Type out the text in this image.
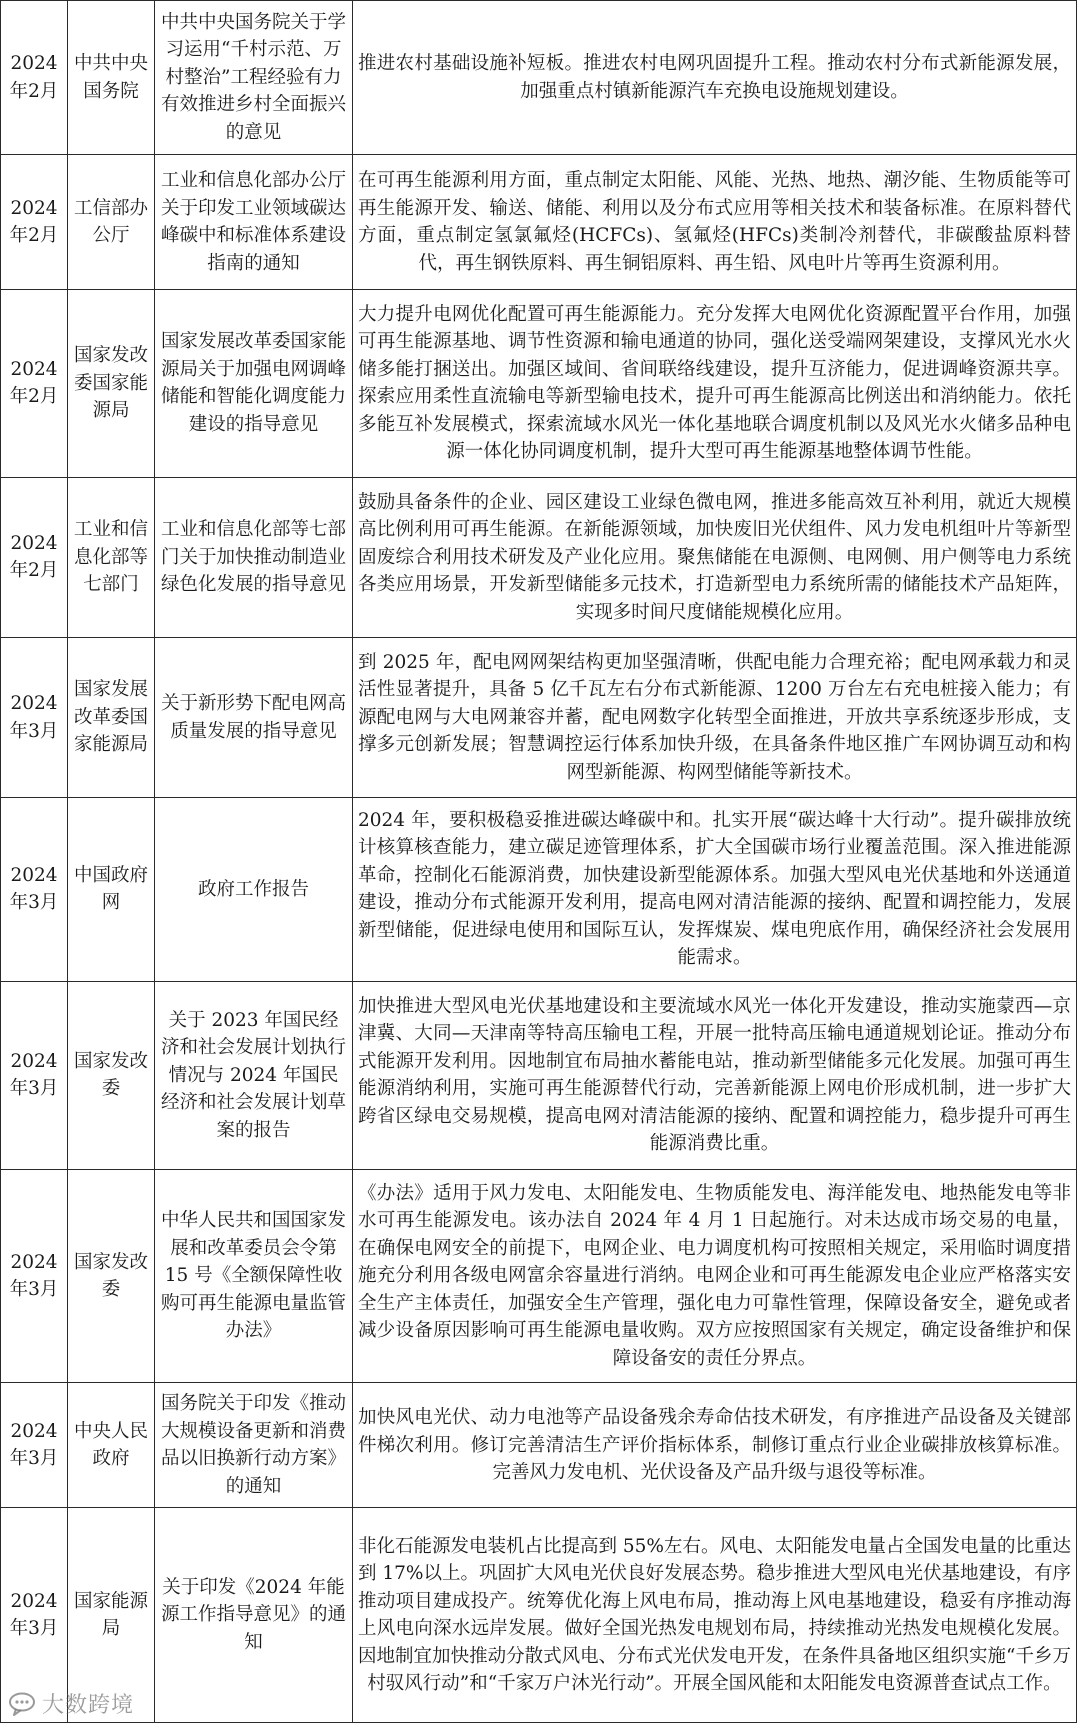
2024年2月	中共中央国务院	中共中央国务院关于学习运用“千村示范、万村整治”工程经验有力有效推进乡村全面振兴的意见	推进农村基础设施补短板。推进农村电网巩固提升工程。推动农村分布式新能源发展，加强重点村镇新能源汽车充换电设施规划建设。
2024年2月	工信部办公厅	工业和信息化部办公厅关于印发工业领域碳达峰碳中和标准体系建设指南的通知	在可再生能源利用方面，重点制定太阳能、风能、光热、地热、潮汐能、生物质能等可再生能源开发、输送、储能、利用以及分布式应用等相关技术和装备标准。在原料替代方面，重点制定氢氯氟烃(HCFCs)、氢氟烃(HFCs)类制冷剂替代，非碳酸盐原料替代，再生钢铁原料、再生铜铝原料、再生铅、风电叶片等再生资源利用。
2024年2月	国家发改委国家能源局	国家发展改革委国家能源局关于加强电网调峰储能和智能化调度能力建设的指导意见	大力提升电网优化配置可再生能源能力。充分发挥大电网优化资源配置平台作用，加强可再生能源基地、调节性资源和输电通道的协同，强化送受端网架建设，支撑风光水火储多能打捆送出。加强区域间、省间联络线建设，提升互济能力，促进调峰资源共享。探索应用柔性直流输电等新型输电技术，提升可再生能源高比例送出和消纳能力。依托多能互补发展模式，探索流域水风光一体化基地联合调度机制以及风光水火储多品种电源一体化协同调度机制，提升大型可再生能源基地整体调节性能。
2024年2月	工业和信息化部等七部门	工业和信息化部等七部门关于加快推动制造业绿色化发展的指导意见	鼓励具备条件的企业、园区建设工业绿色微电网，推进多能高效互补利用，就近大规模高比例利用可再生能源。在新能源领域，加快废旧光伏组件、风力发电机组叶片等新型固废综合利用技术研发及产业化应用。聚焦储能在电源侧、电网侧、用户侧等电力系统各类应用场景，开发新型储能多元技术，打造新型电力系统所需的储能技术产品矩阵，实现多时间尺度储能规模化应用。
2024年3月	国家发展改革委国家能源局	关于新形势下配电网高质量发展的指导意见	到 2025 年，配电网网架结构更加坚强清晰，供配电能力合理充裕；配电网承载力和灵活性显著提升，具备 5 亿千瓦左右分布式新能源、1200 万台左右充电桩接入能力；有源配电网与大电网兼容并蓄，配电网数字化转型全面推进，开放共享系统逐步形成，支撑多元创新发展；智慧调控运行体系加快升级，在具备条件地区推广车网协调互动和构网型新能源、构网型储能等新技术。
2024年3月	中国政府网	政府工作报告	2024 年，要积极稳妥推进碳达峰碳中和。扎实开展“碳达峰十大行动”。提升碳排放统计核算核查能力，建立碳足迹管理体系，扩大全国碳市场行业覆盖范围。深入推进能源革命，控制化石能源消费，加快建设新型能源体系。加强大型风电光伏基地和外送通道建设，推动分布式能源开发利用，提高电网对清洁能源的接纳、配置和调控能力，发展新型储能，促进绿电使用和国际互认，发挥煤炭、煤电兜底作用，确保经济社会发展用能需求。
2024年3月	国家发改委	关于 2023 年国民经济和社会发展计划执行情况与 2024 年国民经济和社会发展计划草案的报告	加快推进大型风电光伏基地建设和主要流域水风光一体化开发建设，推动实施蒙西—京津冀、大同—天津南等特高压输电工程，开展一批特高压输电通道规划论证。推动分布式能源开发利用。因地制宜布局抽水蓄能电站，推动新型储能多元化发展。加强可再生能源消纳利用，实施可再生能源替代行动，完善新能源上网电价形成机制，进一步扩大跨省区绿电交易规模，提高电网对清洁能源的接纳、配置和调控能力，稳步提升可再生能源消费比重。
2024年3月	国家发改委	中华人民共和国国家发展和改革委员会令第 15 号《全额保障性收购可再生能源电量监管办法》	《办法》适用于风力发电、太阳能发电、生物质能发电、海洋能发电、地热能发电等非水可再生能源发电。该办法自 2024 年 4 月 1 日起施行。对未达成市场交易的电量，在确保电网安全的前提下，电网企业、电力调度机构可按照相关规定，采用临时调度措施充分利用各级电网富余容量进行消纳。电网企业和可再生能源发电企业应严格落实安全生产主体责任，加强安全生产管理，强化电力可靠性管理，保障设备安全，避免或者减少设备原因影响可再生能源电量收购。双方应按照国家有关规定，确定设备维护和保障设备安的责任分界点。
2024年3月	中央人民政府	国务院关于印发《推动大规模设备更新和消费品以旧换新行动方案》的通知	加快风电光伏、动力电池等产品设备残余寿命估技术研发，有序推进产品设备及关键部件梯次利用。修订完善清洁生产评价指标体系，制修订重点行业企业碳排放核算标准。完善风力发电机、光伏设备及产品升级与退役等标准。
2024年3月	国家能源局	关于印发《2024 年能源工作指导意见》的通知	非化石能源发电装机占比提高到 55%左右。风电、太阳能发电量占全国发电量的比重达到 17%以上。巩固扩大风电光伏良好发展态势。稳步推进大型风电光伏基地建设，有序推动项目建成投产。统筹优化海上风电布局，推动海上风电基地建设，稳妥有序推动海上风电向深水远岸发展。做好全国光热发电规划布局，持续推动光热发电规模化发展。因地制宜加快推动分散式风电、分布式光伏发电开发，在条件具备地区组织实施“千乡万村驭风行动”和“千家万户沐光行动”。开展全国风能和太阳能发电资源普查试点工作。
大数跨境
